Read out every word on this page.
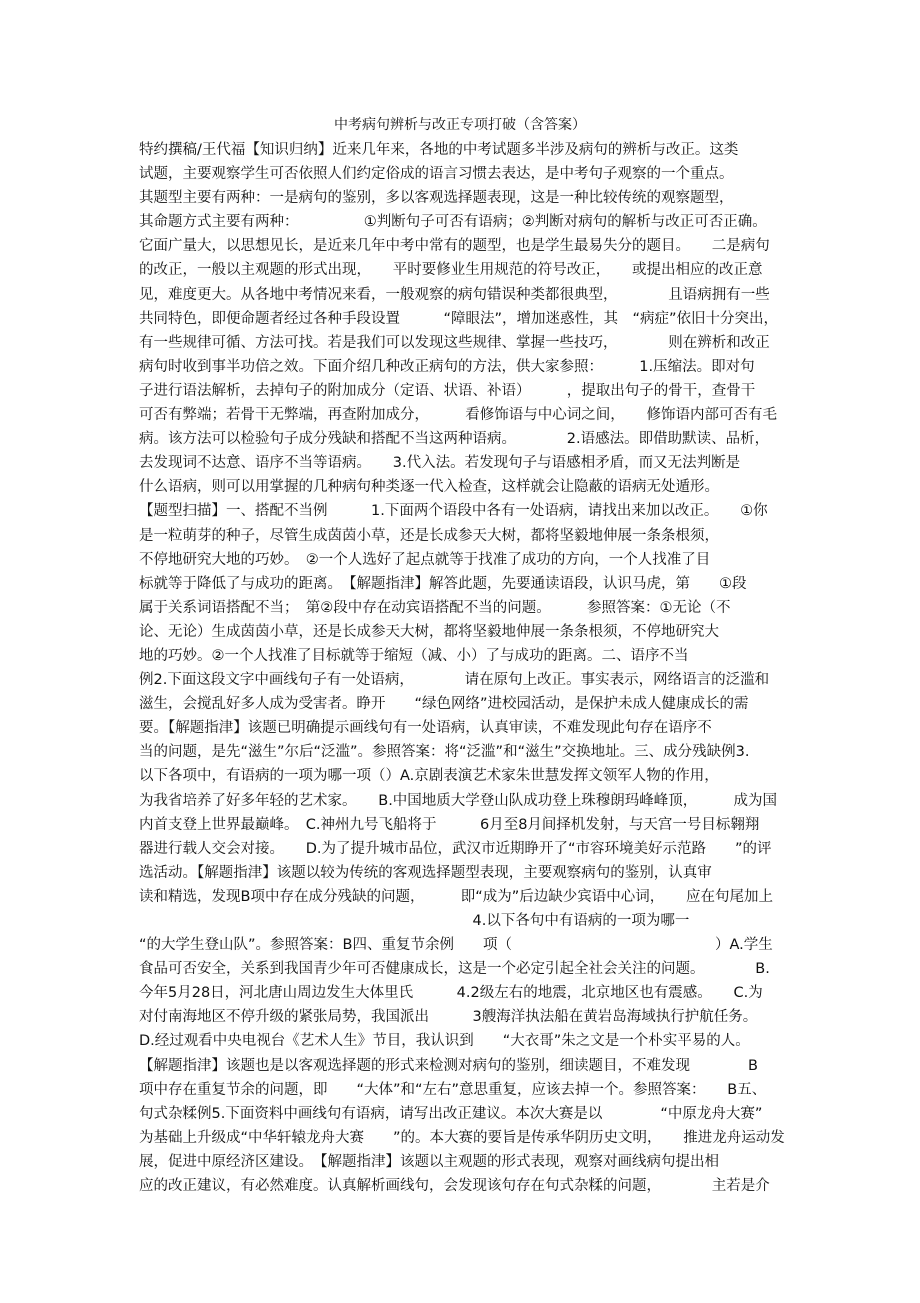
中考病句辨析与改正专项打破（含答案）
特约撰稿/王代福【知识归纳】近来几年来，各地的中考试题多半涉及病句的辨析与改正。这类
试题，主要观察学生可否依照人们约定俗成的语言习惯去表达，是中考句子观察的一个重点。
其题型主要有两种：一是病句的鉴别，多以客观选择题表现，这是一种比较传统的观察题型，
其命题方式主要有两种：　　　　　①判断句子可否有语病；②判断对病句的解析与改正可否正确。
它面广量大，以思想见长，是近来几年中考中常有的题型，也是学生最易失分的题目。　　二是病句
的改正，一般以主观题的形式出现，　　平时要修业生用规范的符号改正，　　或提出相应的改正意
见，难度更大。从各地中考情况来看，一般观察的病句错误种类都很典型，　　　　且语病拥有一些
共同特色，即便命题者经过各种手段设置　　　“障眼法”，增加迷惑性，其　“病症”依旧十分突出，
有一些规律可循、方法可找。若是我们可以发现这些规律、掌握一些技巧，　　　　则在辨析和改正
病句时收到事半功倍之效。下面介绍几种改正病句的方法，供大家参照：　　　1.压缩法。即对句
子进行语法解析，去掉句子的附加成分（定语、状语、补语）　　　，提取出句子的骨干，查骨干
可否有弊端；若骨干无弊端，再查附加成分，　　　看修饰语与中心词之间，　　修饰语内部可否有毛
病。该方法可以检验句子成分残缺和搭配不当这两种语病。　　　　2.语感法。即借助默读、品析，
去发现词不达意、语序不当等语病。　　3.代入法。若发现句子与语感相矛盾，而又无法判断是
什么语病，则可以用掌握的几种病句种类逐一代入检查，这样就会让隐蔽的语病无处遁形。
【题型扫描】一、搭配不当例　　　1.下面两个语段中各有一处语病，请找出来加以改正。　　①你
是一粒萌芽的种子，尽管生成茵茵小草，还是长成参天大树，都将坚毅地伸展一条条根须，
不停地研究大地的巧妙。　②一个人选好了起点就等于找准了成功的方向，一个人找准了目
标就等于降低了与成功的距离。　【解题指津】解答此题，先要通读语段，认识马虎，第　　①段
属于关系词语搭配不当；　第②段中存在动宾语搭配不当的问题。　　　参照答案：①无论（不
论、无论）生成茵茵小草，还是长成参天大树，都将坚毅地伸展一条条根须，不停地研究大
地的巧妙。②一个人找准了目标就等于缩短（减、小）了与成功的距离。二、语序不当
例2.下面这段文字中画线句子有一处语病，　　　　请在原句上改正。事实表示，网络语言的泛滥和
滋生，会搅乱好多人成为受害者。睁开　　“绿色网络”进校园活动，是保护未成人健康成长的需
要。【解题指津】该题已明确提示画线句有一处语病，认真审读，不难发现此句存在语序不
当的问题，是先“滋生”尔后“泛滥”。参照答案：将“泛滥”和“滋生”交换地址。三、成分残缺例3.
以下各项中，有语病的一项为哪一项（）A.京剧表演艺术家朱世慧发挥文领军人物的作用，
为我省培养了好多年轻的艺术家。　　B.中国地质大学登山队成功登上珠穆朗玛峰峰顶，　　　成为国
内首支登上世界最巅峰。　C.神州九号飞船将于　　　6月至8月间择机发射，与天宫一号目标翱翔
器进行载人交会对接。　　D.为了提升城市品位，武汉市近期睁开了“市容环境美好示范路　　”的评
选活动。【解题指津】该题以较为传统的客观选择题型表现，主要观察病句的鉴别，认真审
读和精选，发现B项中存在成分残缺的问题，　　　即“成为”后边缺少宾语中心词，　　应在句尾加上
　　　　　　　　　　　　　　　　　　　　　　　4.以下各句中有语病的一项为哪一
“的大学生登山队”。参照答案：B四、重复节余例　　项（　　　　　　　　　　　　　　）A.学生
食品可否安全，关系到我国青少年可否健康成长，这是一个必定引起全社会关注的问题。　　　　B.
今年5月28日，河北唐山周边发生大体里氏　　　4.2级左右的地震，北京地区也有震感。　　C.为
对付南海地区不停升级的紧张局势，我国派出　　　3艘海洋执法船在黄岩岛海域执行护航任务。
D.经过观看中央电视台《艺术人生》节目，我认识到　　“大衣哥”朱之文是一个朴实平易的人。
【解题指津】该题也是以客观选择题的形式来检测对病句的鉴别，细读题目，不难发现　　　　B
项中存在重复节余的问题，即　　“大体”和“左右”意思重复，应该去掉一个。参照答案：　　B五、
句式杂糅例5.下面资料中画线句有语病，请写出改正建议。本次大赛是以　　　　“中原龙舟大赛”
为基础上升级成“中华轩辕龙舟大赛　　”的。本大赛的要旨是传承华阴历史文明，　　推进龙舟运动发
展，促进中原经济区建设。　【解题指津】该题以主观题的形式表现，观察对画线病句提出相
应的改正建议，有必然难度。认真解析画线句，会发现该句存在句式杂糅的问题，　　　　主若是介
